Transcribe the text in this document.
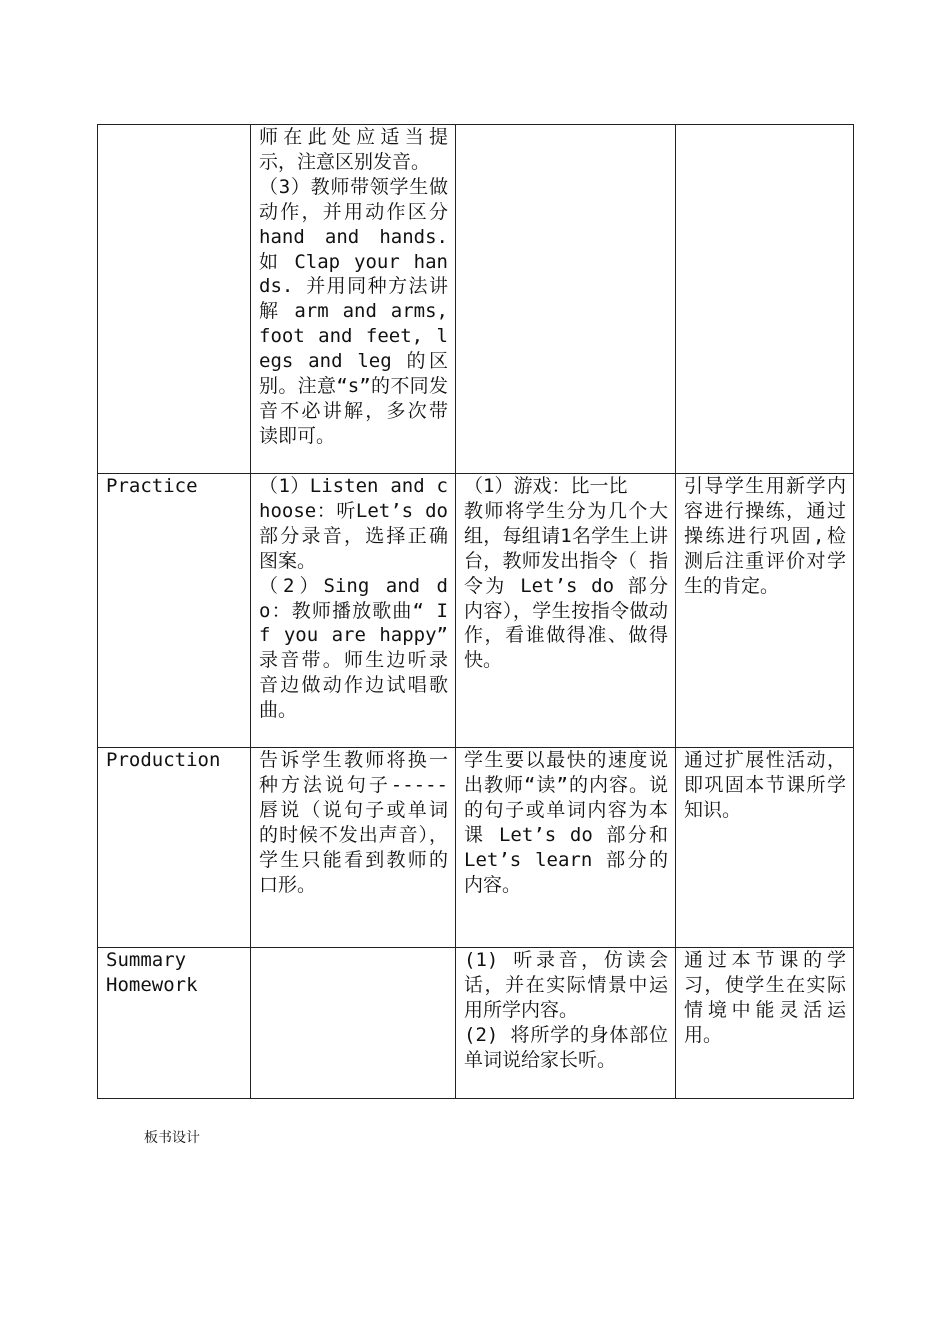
	师在此处应适当提示，注意区别发音。
（3）教师带领学生做动作，并用动作区分 hand and hands. 如 Clap your hands. 并用同种方法讲解 arm and arms, foot and feet, legs and leg 的区别。注意“s”的不同发音不必讲解，多次带读即可。		

Practice	（1）Listen and choose：听Let’s do 部分录音，选择正确图案。
（2）Sing and do：教师播放歌曲“ If you are happy” 录音带。师生边听录音边做动作边试唱歌曲。	（1）游戏：比一比
教师将学生分为几个大组，每组请1名学生上讲台，教师发出指令（ 指令为 Let’s do 部分内容），学生按指令做动作，看谁做得准、做得快。	引导学生用新学内容进行操练，通过操练进行巩固,检测后注重评价对学生的肯定。

Production	告诉学生教师将换一种方法说句子-----唇说（说句子或单词的时候不发出声音），学生只能看到教师的口形。	学生要以最快的速度说出教师“读”的内容。说的句子或单词内容为本课 Let’s do 部分和 Let’s learn 部分的内容。	通过扩展性活动，即巩固本节课所学知识。

Summary
Homework		(1) 听录音，仿读会话，并在实际情景中运用所学内容。
(2) 将所学的身体部位单词说给家长听。	通过本节课的学习，使学生在实际情境中能灵活运用。

板书设计
